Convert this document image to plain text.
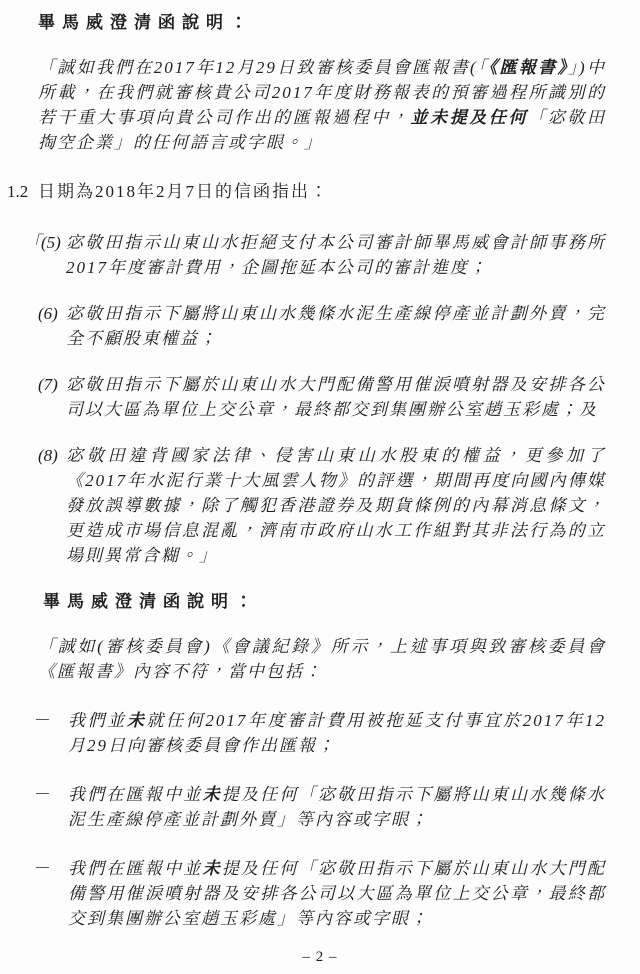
畢馬威澄清函說明：

「誠如我們在2017年12月29日致審核委員會匯報書(「《匯報書》」)中所載，在我們就審核貴公司2017年度財務報表的預審過程所識別的若干重大事項向貴公司作出的匯報過程中，並未提及任何「宓敬田掏空企業」的任何語言或字眼。」

1.2 日期為2018年2月7日的信函指出：
「(5) 宓敬田指示山東山水拒絕支付本公司審計師畢馬威會計師事務所2017年度審計費用，企圖拖延本公司的審計進度；
(6) 宓敬田指示下屬將山東山水幾條水泥生產線停產並計劃外賣，完全不顧股東權益；
(7) 宓敬田指示下屬於山東山水大門配備警用催淚噴射器及安排各公司以大區為單位上交公章，最終都交到集團辦公室趙玉彩處；及
(8) 宓敬田違背國家法律、侵害山東山水股東的權益，更參加了《2017年水泥行業十大風雲人物》的評選，期間再度向國內傳媒發放誤導數據，除了觸犯香港證券及期貨條例的內幕消息條文，更造成市場信息混亂，濟南市政府山水工作組對其非法行為的立場則異常含糊。」
畢馬威澄清函說明：

「誠如(審核委員會)《會議紀錄》所示，上述事項與致審核委員會《匯報書》內容不符，當中包括：

－ 我們並未就任何2017年度審計費用被拖延支付事宜於2017年12月29日向審核委員會作出匯報；
－ 我們在匯報中並未提及任何「宓敬田指示下屬將山東山水幾條水泥生產線停產並計劃外賣」等內容或字眼；
－ 我們在匯報中並未提及任何「宓敬田指示下屬於山東山水大門配備警用催淚噴射器及安排各公司以大區為單位上交公章，最終都交到集團辦公室趙玉彩處」等內容或字眼；
– 2 –
